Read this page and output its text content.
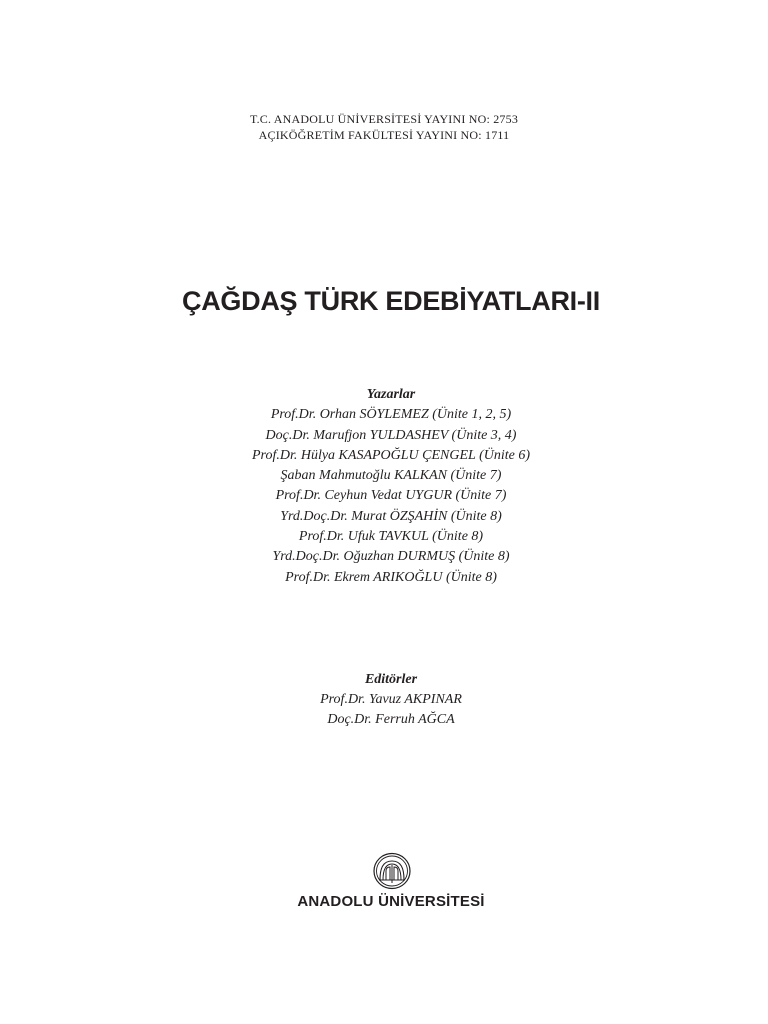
T.C. ANADOLU ÜNİVERSİTESİ YAYINI NO: 2753
AÇIKÖĞRETİM FAKÜLTESİ YAYINI NO: 1711
ÇAĞDAŞ TÜRK EDEBİYATLARI-II
Yazarlar
Prof.Dr. Orhan SÖYLEMEZ (Ünite 1, 2, 5)
Doç.Dr. Marufjon YULDASHEV (Ünite 3, 4)
Prof.Dr. Hülya KASAPOĞLU ÇENGEL (Ünite 6)
Şaban Mahmutoğlu KALKAN (Ünite 7)
Prof.Dr. Ceyhun Vedat UYGUR (Ünite 7)
Yrd.Doç.Dr. Murat ÖZŞAHİN (Ünite 8)
Prof.Dr. Ufuk TAVKUL (Ünite 8)
Yrd.Doç.Dr. Oğuzhan DURMUŞ (Ünite 8)
Prof.Dr. Ekrem ARIKOĞLU (Ünite 8)
Editörler
Prof.Dr. Yavuz AKPINAR
Doç.Dr. Ferruh AĞCA
ANADOLU ÜNİVERSİTESİ
